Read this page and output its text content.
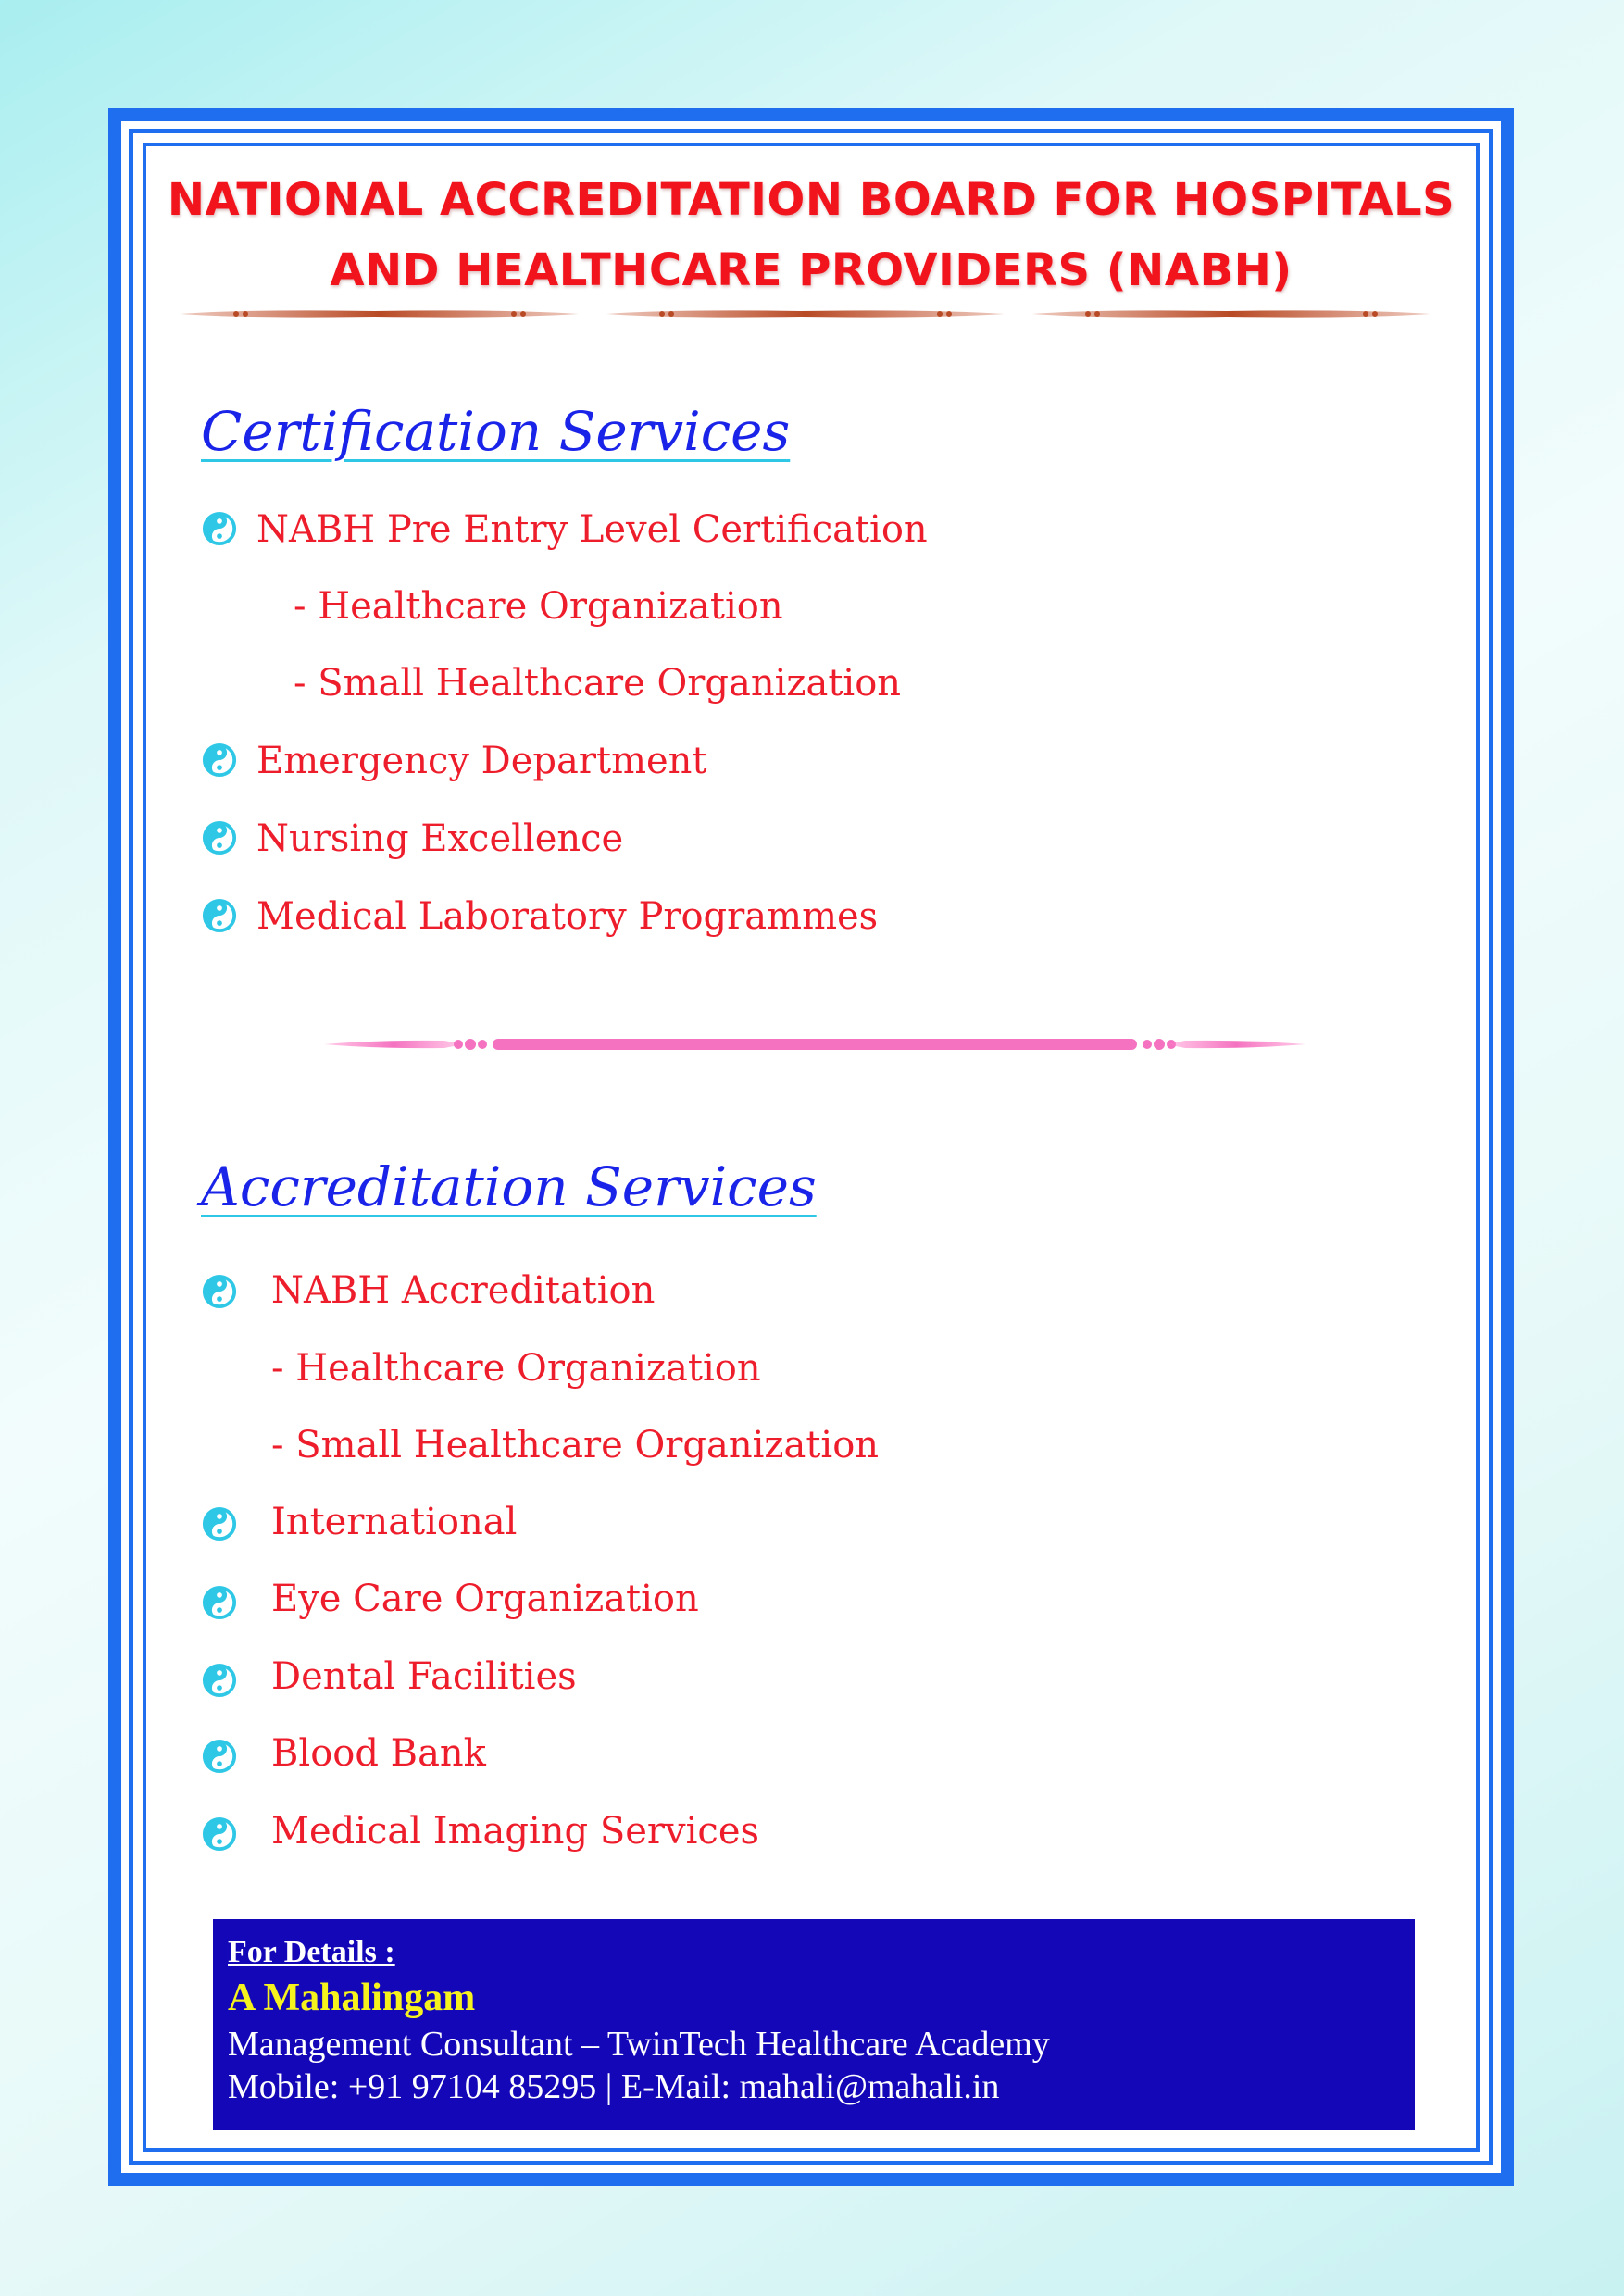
NATIONAL ACCREDITATION BOARD FOR HOSPITALS
AND HEALTHCARE PROVIDERS (NABH)
Certification Services
NABH Pre Entry Level Certification
- Healthcare Organization
- Small Healthcare Organization
Emergency Department
Nursing Excellence
Medical Laboratory Programmes
Accreditation Services
NABH Accreditation
- Healthcare Organization
- Small Healthcare Organization
International
Eye Care Organization
Dental Facilities
Blood Bank
Medical Imaging Services
For Details :
A Mahalingam
Management Consultant – TwinTech Healthcare Academy
Mobile: +91 97104 85295 | E-Mail: mahali@mahali.in
